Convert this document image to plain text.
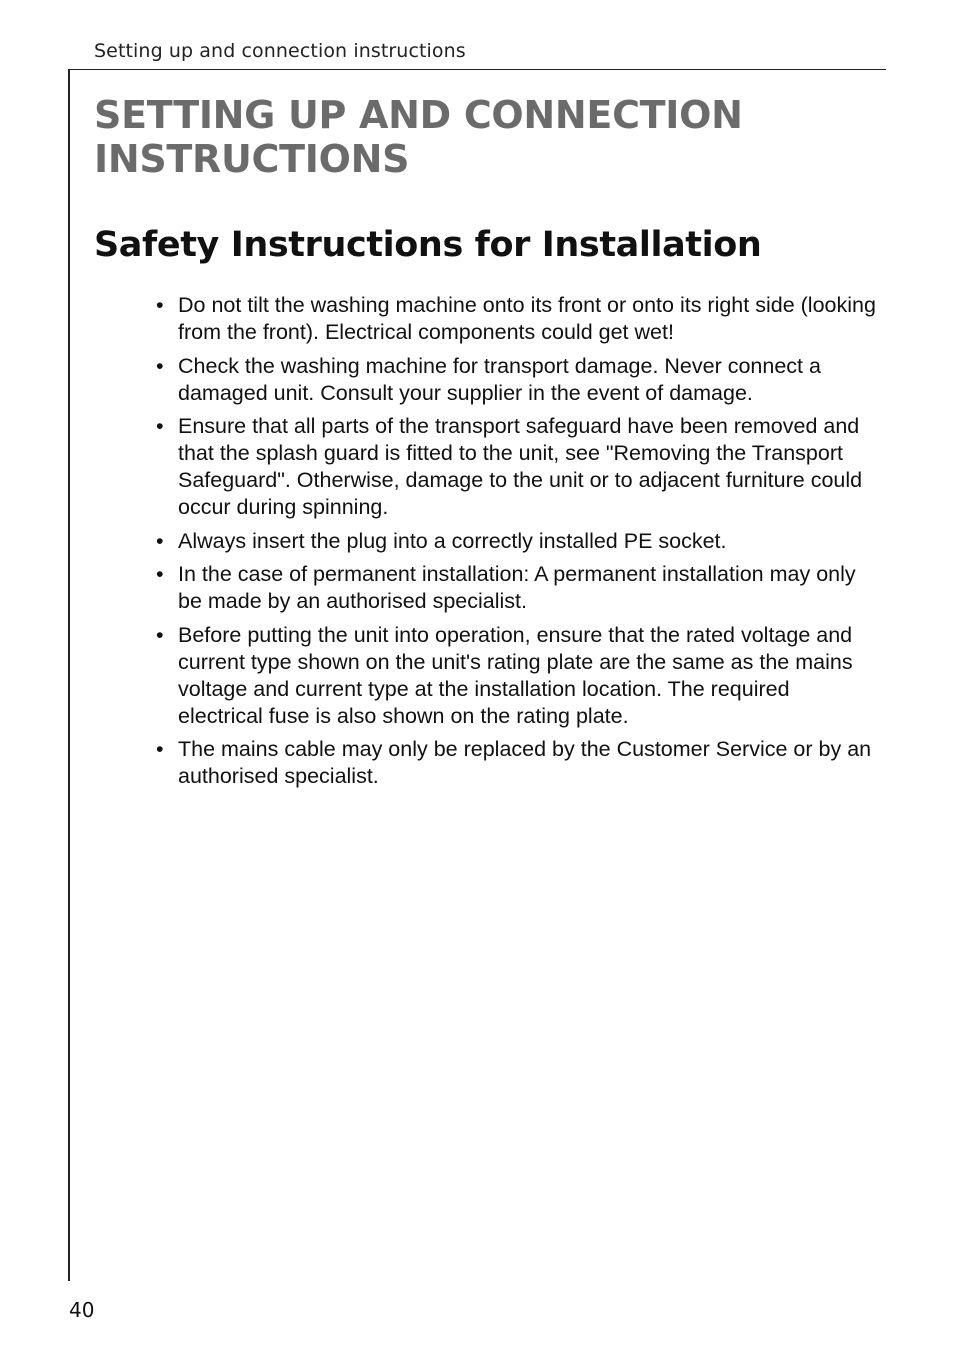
Setting up and connection instructions
SETTING UP AND CONNECTION
INSTRUCTIONS
Safety Instructions for Installation
• Do not tilt the washing machine onto its front or onto its right side (looking from the front). Electrical components could get wet!
• Check the washing machine for transport damage. Never connect a damaged unit. Consult your supplier in the event of damage.
• Ensure that all parts of the transport safeguard have been removed and that the splash guard is fitted to the unit, see "Removing the Transport Safeguard". Otherwise, damage to the unit or to adjacent furniture could occur during spinning.
• Always insert the plug into a correctly installed PE socket.
• In the case of permanent installation: A permanent installation may only be made by an authorised specialist.
• Before putting the unit into operation, ensure that the rated voltage and current type shown on the unit's rating plate are the same as the mains voltage and current type at the installation location. The required electrical fuse is also shown on the rating plate.
• The mains cable may only be replaced by the Customer Service or by an authorised specialist.
40
